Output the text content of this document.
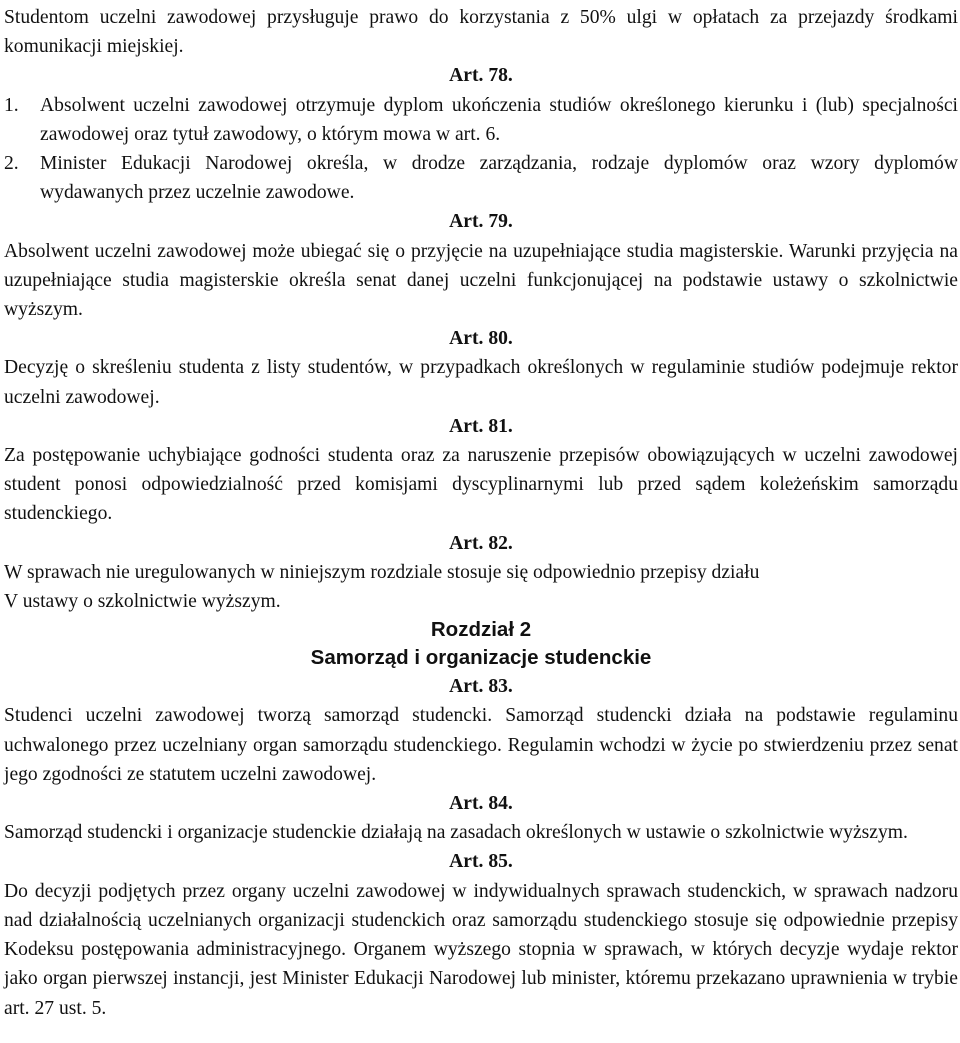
Studentom uczelni zawodowej przysługuje prawo do korzystania z 50% ulgi w opłatach za przejazdy środkami komunikacji miejskiej.

Art. 78.

1. Absolwent uczelni zawodowej otrzymuje dyplom ukończenia studiów określonego kierunku i (lub) specjalności zawodowej oraz tytuł zawodowy, o którym mowa w art. 6.

2. Minister Edukacji Narodowej określa, w drodze zarządzania, rodzaje dyplomów oraz wzory dyplomów wydawanych przez uczelnie zawodowe.

Art. 79.

Absolwent uczelni zawodowej może ubiegać się o przyjęcie na uzupełniające studia magisterskie. Warunki przyjęcia na uzupełniające studia magisterskie określa senat danej uczelni funkcjonującej na podstawie ustawy o szkolnictwie wyższym.

Art. 80.

Decyzję o skreśleniu studenta z listy studentów, w przypadkach określonych w regulaminie studiów podejmuje rektor uczelni zawodowej.

Art. 81.

Za postępowanie uchybiające godności studenta oraz za naruszenie przepisów obowiązujących w uczelni zawodowej student ponosi odpowiedzialność przed komisjami dyscyplinarnymi lub przed sądem koleżeńskim samorządu studenckiego.

Art. 82.

W sprawach nie uregulowanych w niniejszym rozdziale stosuje się odpowiednio przepisy działu

V ustawy o szkolnictwie wyższym.

Rozdział 2

Samorząd i organizacje studenckie

Art. 83.

Studenci uczelni zawodowej tworzą samorząd studencki. Samorząd studencki działa na podstawie regulaminu uchwalonego przez uczelniany organ samorządu studenckiego. Regulamin wchodzi w życie po stwierdzeniu przez senat jego zgodności ze statutem uczelni zawodowej.

Art. 84.

Samorząd studencki i organizacje studenckie działają na zasadach określonych w ustawie o szkolnictwie wyższym.

Art. 85.

Do decyzji podjętych przez organy uczelni zawodowej w indywidualnych sprawach studenckich, w sprawach nadzoru nad działalnością uczelnianych organizacji studenckich oraz samorządu studenckiego stosuje się odpowiednie przepisy Kodeksu postępowania administracyjnego. Organem wyższego stopnia w sprawach, w których decyzje wydaje rektor jako organ pierwszej instancji, jest Minister Edukacji Narodowej lub minister, któremu przekazano uprawnienia w trybie art. 27 ust. 5.
